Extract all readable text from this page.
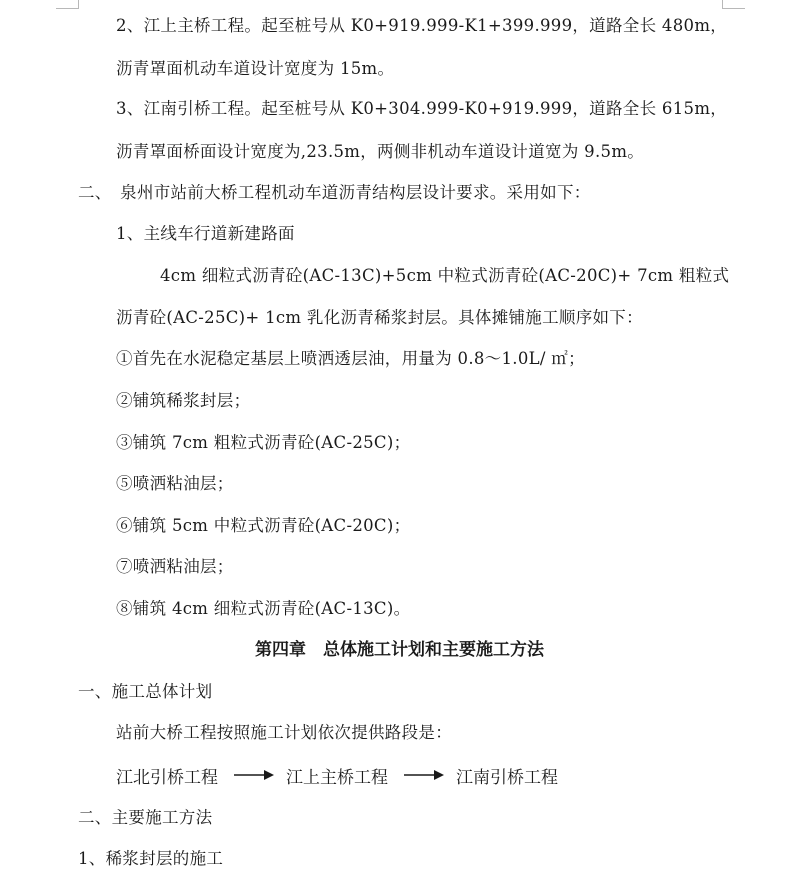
2、江上主桥工程。起至桩号从 K0+919.999-K1+399.999，道路全长 480m，
沥青罩面机动车道设计宽度为 15m。
3、江南引桥工程。起至桩号从 K0+304.999-K0+919.999，道路全长 615m，
沥青罩面桥面设计宽度为,23.5m，两侧非机动车道设计道宽为 9.5m。
二、　泉州市站前大桥工程机动车道沥青结构层设计要求。采用如下：
1、主线车行道新建路面
4cm 细粒式沥青砼(AC-13C)+5cm 中粒式沥青砼(AC-20C)+ 7cm 粗粒式
沥青砼(AC-25C)+ 1cm 乳化沥青稀浆封层。具体摊铺施工顺序如下：
①首先在水泥稳定基层上喷洒透层油，用量为 0.8～1.0L/ ㎡；
②铺筑稀浆封层；
③铺筑 7cm 粗粒式沥青砼(AC-25C)；
⑤喷洒粘油层；
⑥铺筑 5cm 中粒式沥青砼(AC-20C)；
⑦喷洒粘油层；
⑧铺筑 4cm 细粒式沥青砼(AC-13C)。
第四章　总体施工计划和主要施工方法
一、施工总体计划
站前大桥工程按照施工计划依次提供路段是：
江北引桥工程	江上主桥工程	江南引桥工程
二、主要施工方法
1、稀浆封层的施工
